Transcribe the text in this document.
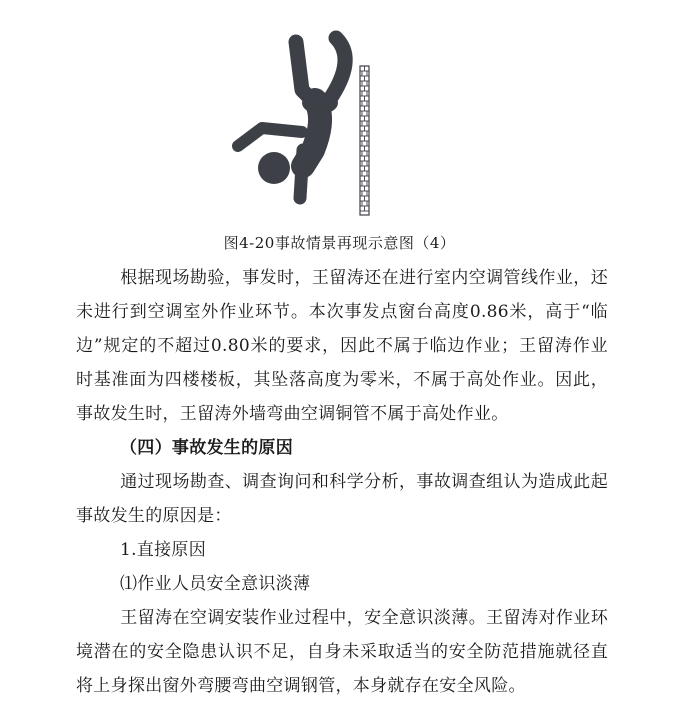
图4-20事故情景再现示意图（4）

根据现场勘验，事发时，王留涛还在进行室内空调管线作业，还未进行到空调室外作业环节。本次事发点窗台高度0.86米，高于“临边”规定的不超过0.80米的要求，因此不属于临边作业；王留涛作业时基准面为四楼楼板，其坠落高度为零米，不属于高处作业。因此，事故发生时，王留涛外墙弯曲空调铜管不属于高处作业。

（四）事故发生的原因

通过现场勘查、调查询问和科学分析，事故调查组认为造成此起事故发生的原因是：

1.直接原因

⑴作业人员安全意识淡薄

王留涛在空调安装作业过程中，安全意识淡薄。王留涛对作业环境潜在的安全隐患认识不足，自身未采取适当的安全防范措施就径直将上身探出窗外弯腰弯曲空调钢管，本身就存在安全风险。
